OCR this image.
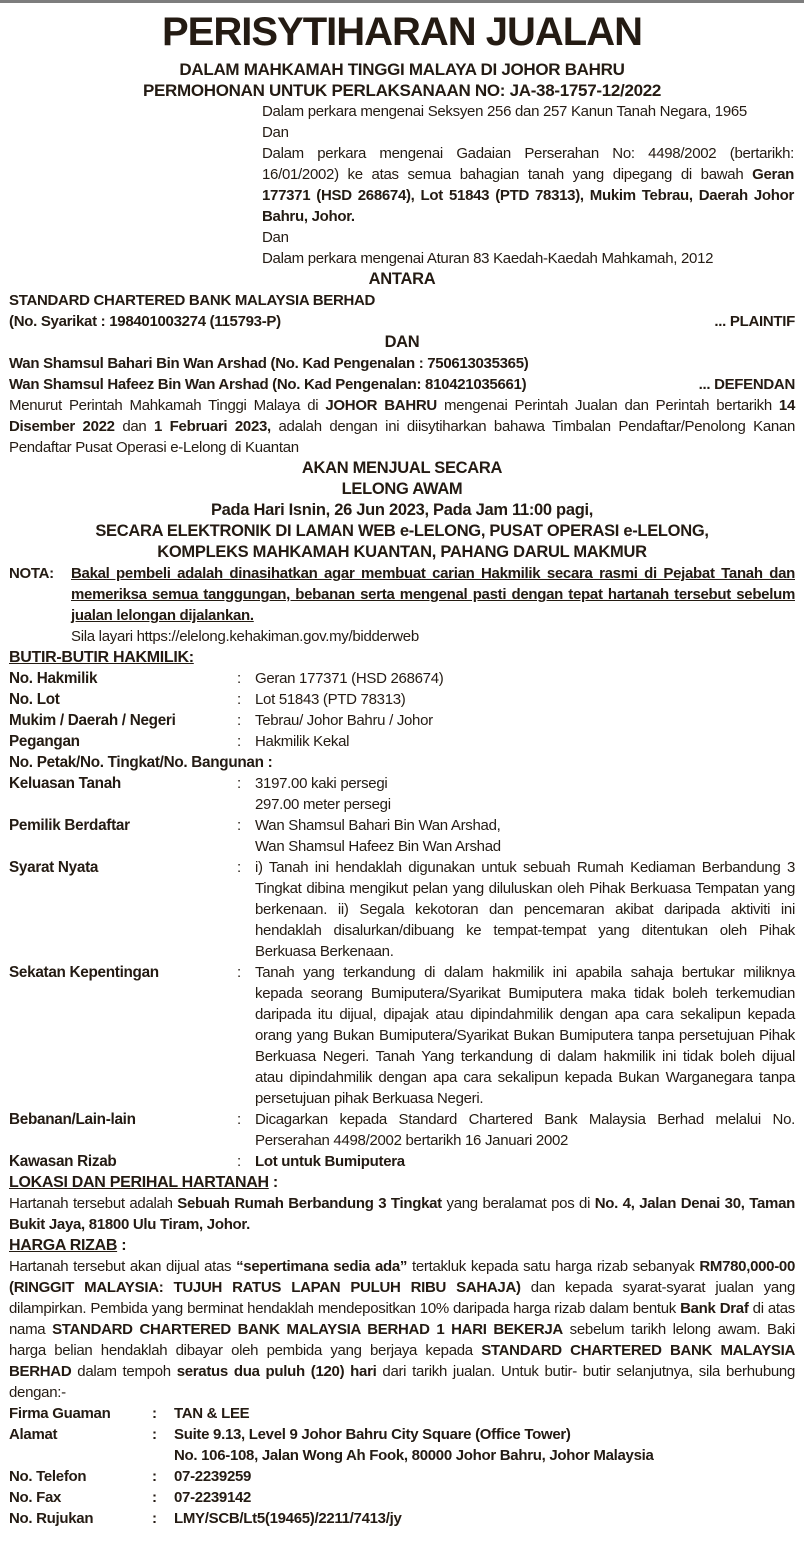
PERISYTIHARAN JUALAN
DALAM MAHKAMAH TINGGI MALAYA DI JOHOR BAHRU
PERMOHONAN UNTUK PERLAKSANAAN NO: JA-38-1757-12/2022
Dalam perkara mengenai Seksyen 256 dan 257 Kanun Tanah Negara, 1965
Dan
Dalam perkara mengenai Gadaian Perserahan No: 4498/2002 (bertarikh: 16/01/2002) ke atas semua bahagian tanah yang dipegang di bawah Geran 177371 (HSD 268674), Lot 51843 (PTD 78313), Mukim Tebrau, Daerah Johor Bahru, Johor.
Dan
Dalam perkara mengenai Aturan 83 Kaedah-Kaedah Mahkamah, 2012
ANTARA
STANDARD CHARTERED BANK MALAYSIA BERHAD
(No. Syarikat : 198401003274 (115793-P)	... PLAINTIF
DAN
Wan Shamsul Bahari Bin Wan Arshad (No. Kad Pengenalan : 750613035365)
Wan Shamsul Hafeez Bin Wan Arshad (No. Kad Pengenalan: 810421035661)	... DEFENDAN
Menurut Perintah Mahkamah Tinggi Malaya di JOHOR BAHRU mengenai Perintah Jualan dan Perintah bertarikh 14 Disember 2022 dan 1 Februari 2023, adalah dengan ini diisytiharkan bahawa Timbalan Pendaftar/Penolong Kanan Pendaftar Pusat Operasi e-Lelong di Kuantan
AKAN MENJUAL SECARA
LELONG AWAM
Pada Hari Isnin, 26 Jun 2023, Pada Jam 11:00 pagi,
SECARA ELEKTRONIK DI LAMAN WEB e-LELONG, PUSAT OPERASI e-LELONG,
KOMPLEKS MAHKAMAH KUANTAN, PAHANG DARUL MAKMUR
NOTA:	Bakal pembeli adalah dinasihatkan agar membuat carian Hakmilik secara rasmi di Pejabat Tanah dan memeriksa semua tanggungan, bebanan serta mengenal pasti dengan tepat hartanah tersebut sebelum jualan lelongan dijalankan.
Sila layari https://elelong.kehakiman.gov.my/bidderweb
BUTIR-BUTIR HAKMILIK:
No. Hakmilik	: Geran 177371 (HSD 268674)
No. Lot	: Lot 51843 (PTD 78313)
Mukim / Daerah / Negeri	: Tebrau/ Johor Bahru / Johor
Pegangan	: Hakmilik Kekal
No. Petak/No. Tingkat/No. Bangunan :
Keluasan Tanah	: 3197.00 kaki persegi
297.00 meter persegi
Pemilik Berdaftar	: Wan Shamsul Bahari Bin Wan Arshad,
Wan Shamsul Hafeez Bin Wan Arshad
Syarat Nyata	: i) Tanah ini hendaklah digunakan untuk sebuah Rumah Kediaman Berbandung 3 Tingkat dibina mengikut pelan yang diluluskan oleh Pihak Berkuasa Tempatan yang berkenaan. ii) Segala kekotoran dan pencemaran akibat daripada aktiviti ini hendaklah disalurkan/dibuang ke tempat-tempat yang ditentukan oleh Pihak Berkuasa Berkenaan.
Sekatan Kepentingan	: Tanah yang terkandung di dalam hakmilik ini apabila sahaja bertukar miliknya kepada seorang Bumiputera/Syarikat Bumiputera maka tidak boleh terkemudian daripada itu dijual, dipajak atau dipindahmilik dengan apa cara sekalipun kepada orang yang Bukan Bumiputera/Syarikat Bukan Bumiputera tanpa persetujuan Pihak Berkuasa Negeri. Tanah Yang terkandung di dalam hakmilik ini tidak boleh dijual atau dipindahmilik dengan apa cara sekalipun kepada Bukan Warganegara tanpa persetujuan pihak Berkuasa Negeri.
Bebanan/Lain-lain	: Dicagarkan kepada Standard Chartered Bank Malaysia Berhad melalui No. Perserahan 4498/2002 bertarikh 16 Januari 2002
Kawasan Rizab	: Lot untuk Bumiputera
LOKASI DAN PERIHAL HARTANAH :
Hartanah tersebut adalah Sebuah Rumah Berbandung 3 Tingkat yang beralamat pos di No. 4, Jalan Denai 30, Taman Bukit Jaya, 81800 Ulu Tiram, Johor.
HARGA RIZAB :
Hartanah tersebut akan dijual atas “sepertimana sedia ada” tertakluk kepada satu harga rizab sebanyak RM780,000-00 (RINGGIT MALAYSIA: TUJUH RATUS LAPAN PULUH RIBU SAHAJA) dan kepada syarat-syarat jualan yang dilampirkan. Pembida yang berminat hendaklah mendepositkan 10% daripada harga rizab dalam bentuk Bank Draf di atas nama STANDARD CHARTERED BANK MALAYSIA BERHAD 1 HARI BEKERJA sebelum tarikh lelong awam. Baki harga belian hendaklah dibayar oleh pembida yang berjaya kepada STANDARD CHARTERED BANK MALAYSIA BERHAD dalam tempoh seratus dua puluh (120) hari dari tarikh jualan. Untuk butir- butir selanjutnya, sila berhubung dengan:-
Firma Guaman	:	TAN & LEE
Alamat	:	Suite 9.13, Level 9 Johor Bahru City Square (Office Tower)
No. 106-108, Jalan Wong Ah Fook, 80000 Johor Bahru, Johor Malaysia
No. Telefon	:	07-2239259
No. Fax	:	07-2239142
No. Rujukan	:	LMY/SCB/Lt5(19465)/2211/7413/jy
